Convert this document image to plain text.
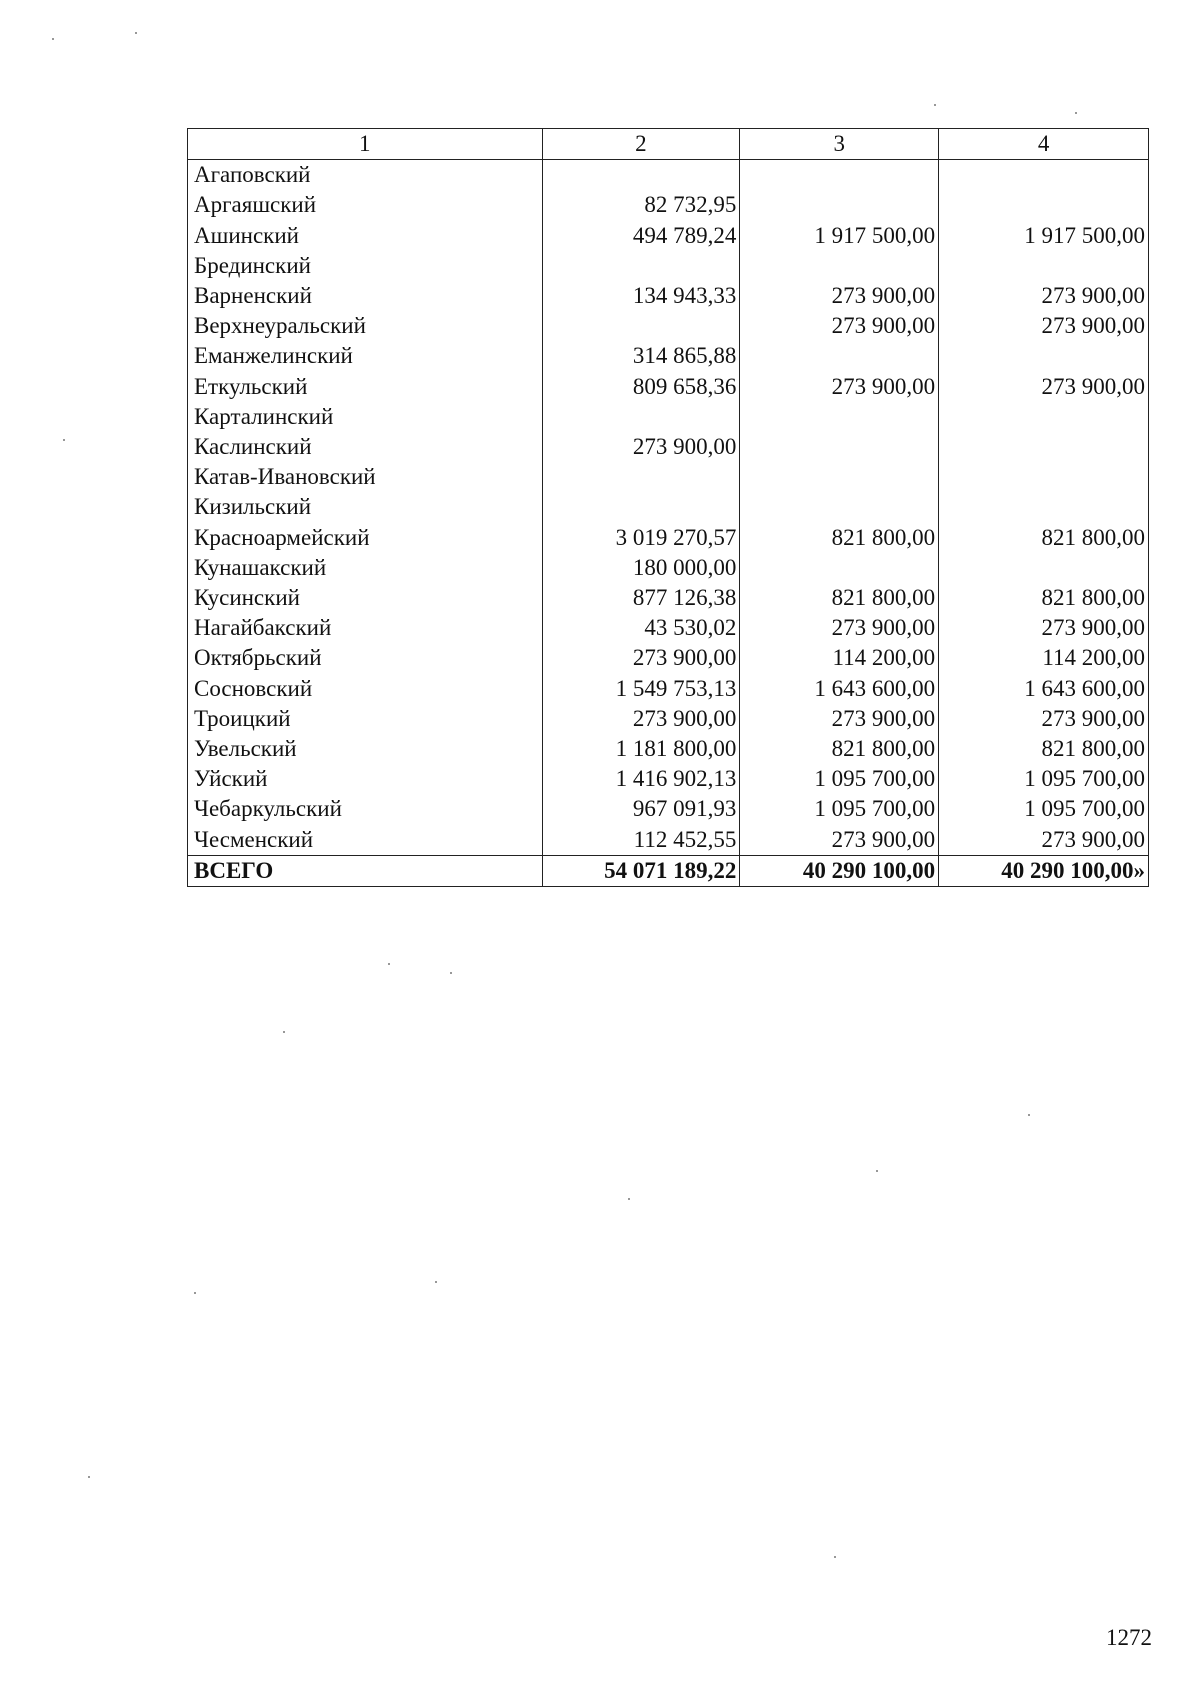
1	2	3	4
Агаповский			
Аргаяшский	82 732,95		
Ашинский	494 789,24	1 917 500,00	1 917 500,00
Брединский			
Варненский	134 943,33	273 900,00	273 900,00
Верхнеуральский		273 900,00	273 900,00
Еманжелинский	314 865,88		
Еткульский	809 658,36	273 900,00	273 900,00
Карталинский			
Каслинский	273 900,00		
Катав-Ивановский			
Кизильский			
Красноармейский	3 019 270,57	821 800,00	821 800,00
Кунашакский	180 000,00		
Кусинский	877 126,38	821 800,00	821 800,00
Нагайбакский	43 530,02	273 900,00	273 900,00
Октябрьский	273 900,00	114 200,00	114 200,00
Сосновский	1 549 753,13	1 643 600,00	1 643 600,00
Троицкий	273 900,00	273 900,00	273 900,00
Увельский	1 181 800,00	821 800,00	821 800,00
Уйский	1 416 902,13	1 095 700,00	1 095 700,00
Чебаркульский	967 091,93	1 095 700,00	1 095 700,00
Чесменский	112 452,55	273 900,00	273 900,00
ВСЕГО	54 071 189,22	40 290 100,00	40 290 100,00»
1272
